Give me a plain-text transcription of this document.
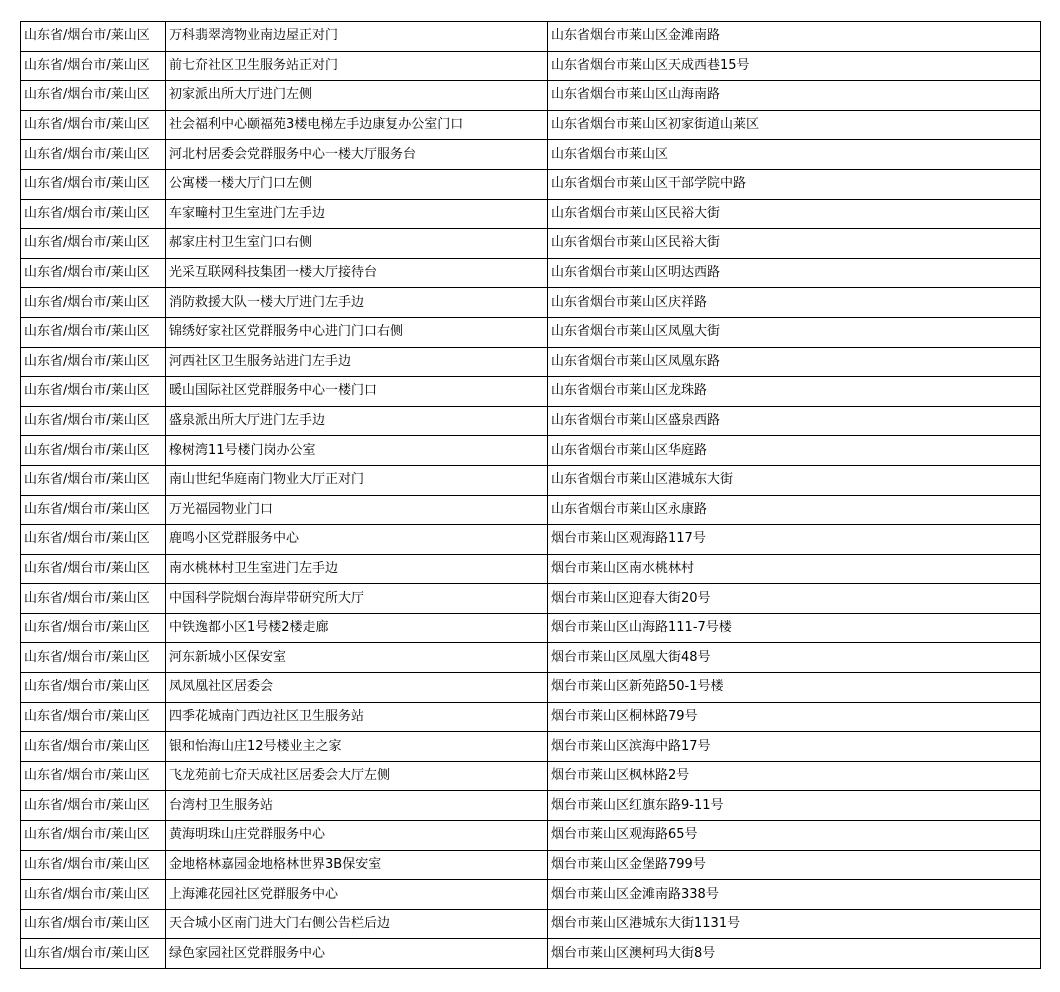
山东省/烟台市/莱山区	万科翡翠湾物业南边屋正对门	山东省烟台市莱山区金滩南路
山东省/烟台市/莱山区	前七夼社区卫生服务站正对门	山东省烟台市莱山区天成西巷15号
山东省/烟台市/莱山区	初家派出所大厅进门左侧	山东省烟台市莱山区山海南路
山东省/烟台市/莱山区	社会福利中心颐福苑3楼电梯左手边康复办公室门口	山东省烟台市莱山区初家街道山莱区
山东省/烟台市/莱山区	河北村居委会党群服务中心一楼大厅服务台	山东省烟台市莱山区
山东省/烟台市/莱山区	公寓楼一楼大厅门口左侧	山东省烟台市莱山区干部学院中路
山东省/烟台市/莱山区	车家疃村卫生室进门左手边	山东省烟台市莱山区民裕大街
山东省/烟台市/莱山区	郝家庄村卫生室门口右侧	山东省烟台市莱山区民裕大街
山东省/烟台市/莱山区	光采互联网科技集团一楼大厅接待台	山东省烟台市莱山区明达西路
山东省/烟台市/莱山区	消防救援大队一楼大厅进门左手边	山东省烟台市莱山区庆祥路
山东省/烟台市/莱山区	锦绣好家社区党群服务中心进门门口右侧	山东省烟台市莱山区凤凰大街
山东省/烟台市/莱山区	河西社区卫生服务站进门左手边	山东省烟台市莱山区凤凰东路
山东省/烟台市/莱山区	暖山国际社区党群服务中心一楼门口	山东省烟台市莱山区龙珠路
山东省/烟台市/莱山区	盛泉派出所大厅进门左手边	山东省烟台市莱山区盛泉西路
山东省/烟台市/莱山区	橡树湾11号楼门岗办公室	山东省烟台市莱山区华庭路
山东省/烟台市/莱山区	南山世纪华庭南门物业大厅正对门	山东省烟台市莱山区港城东大街
山东省/烟台市/莱山区	万光福园物业门口	山东省烟台市莱山区永康路
山东省/烟台市/莱山区	鹿鸣小区党群服务中心	烟台市莱山区观海路117号
山东省/烟台市/莱山区	南水桃林村卫生室进门左手边	烟台市莱山区南水桃林村
山东省/烟台市/莱山区	中国科学院烟台海岸带研究所大厅	烟台市莱山区迎春大街20号
山东省/烟台市/莱山区	中铁逸都小区1号楼2楼走廊	烟台市莱山区山海路111-7号楼
山东省/烟台市/莱山区	河东新城小区保安室	烟台市莱山区凤凰大街48号
山东省/烟台市/莱山区	凤凤凰社区居委会	烟台市莱山区新苑路50-1号楼
山东省/烟台市/莱山区	四季花城南门西边社区卫生服务站	烟台市莱山区桐林路79号
山东省/烟台市/莱山区	银和怡海山庄12号楼业主之家	烟台市莱山区滨海中路17号
山东省/烟台市/莱山区	飞龙苑前七夼天成社区居委会大厅左侧	烟台市莱山区枫林路2号
山东省/烟台市/莱山区	台湾村卫生服务站	烟台市莱山区红旗东路9-11号
山东省/烟台市/莱山区	黄海明珠山庄党群服务中心	烟台市莱山区观海路65号
山东省/烟台市/莱山区	金地格林嘉园金地格林世界3B保安室	烟台市莱山区金堡路799号
山东省/烟台市/莱山区	上海滩花园社区党群服务中心	烟台市莱山区金滩南路338号
山东省/烟台市/莱山区	天合城小区南门进大门右侧公告栏后边	烟台市莱山区港城东大街1131号
山东省/烟台市/莱山区	绿色家园社区党群服务中心	烟台市莱山区澳柯玛大街8号
